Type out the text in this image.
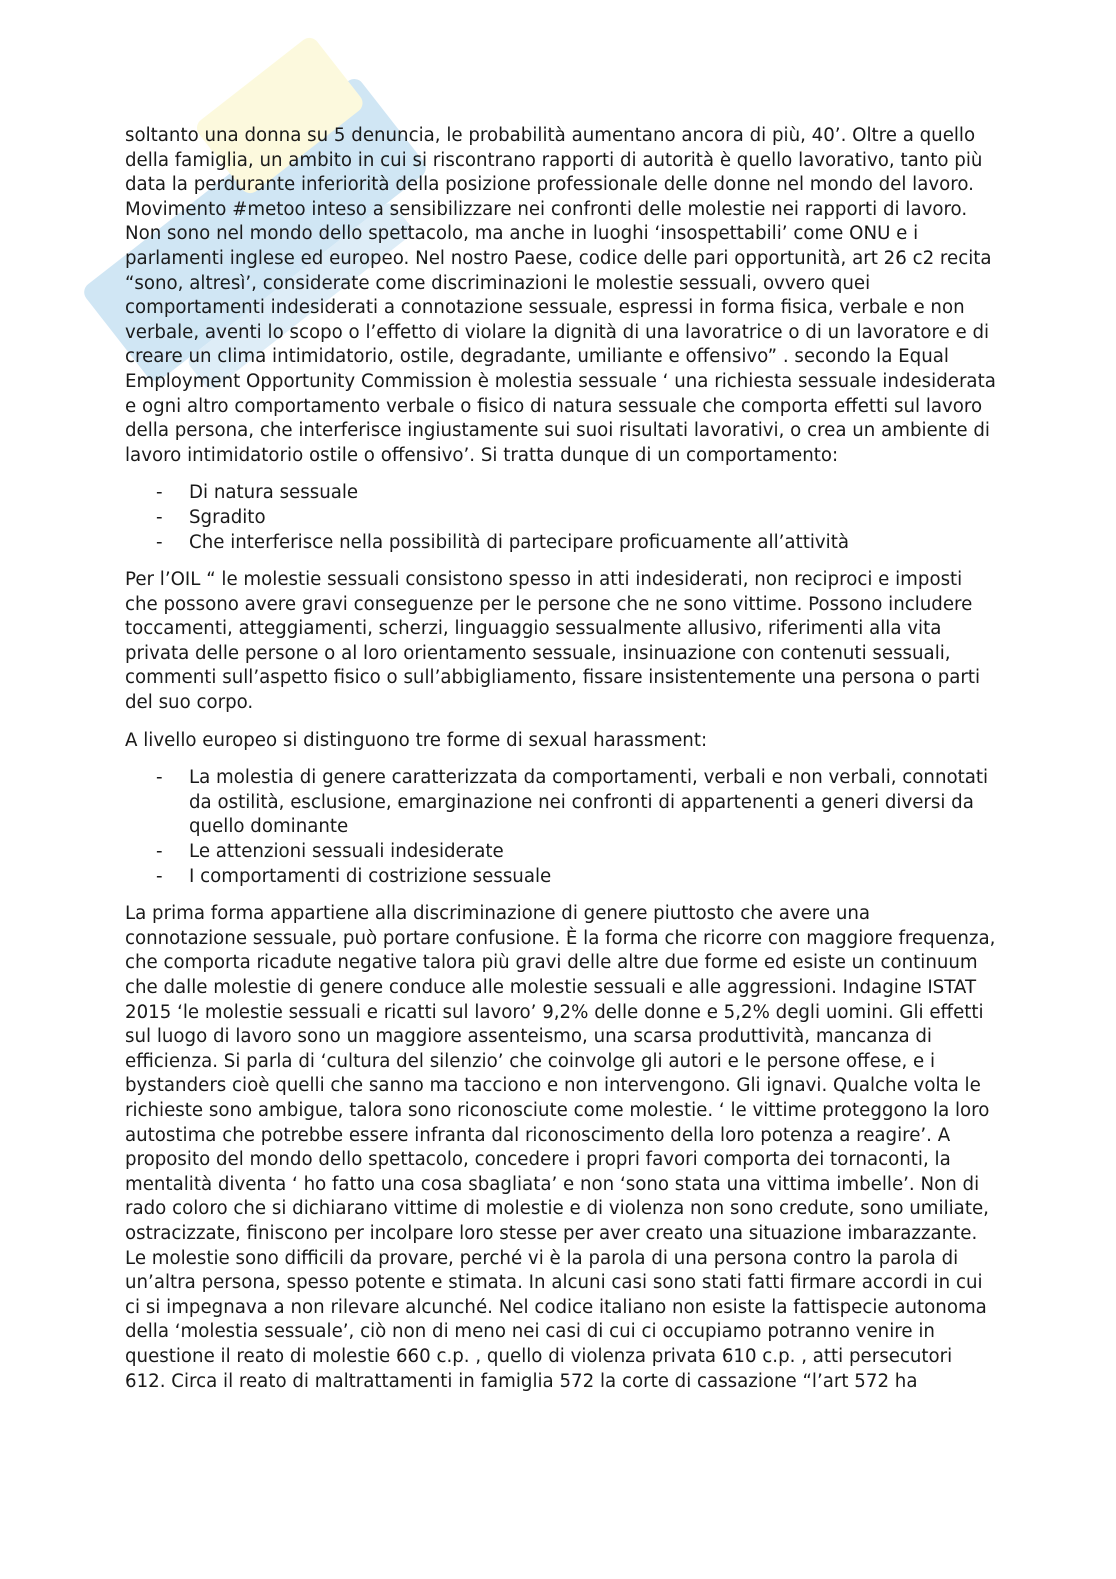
soltanto una donna su 5 denuncia, le probabilità aumentano ancora di più, 40’. Oltre a quello della famiglia, un ambito in cui si riscontrano rapporti di autorità è quello lavorativo, tanto più data la perdurante inferiorità della posizione professionale delle donne nel mondo del lavoro. Movimento #metoo inteso a sensibilizzare nei confronti delle molestie nei rapporti di lavoro. Non sono nel mondo dello spettacolo, ma anche in luoghi ‘insospettabili’ come ONU e i parlamenti inglese ed europeo. Nel nostro Paese, codice delle pari opportunità, art 26 c2 recita “sono, altresì’, considerate come discriminazioni le molestie sessuali, ovvero quei comportamenti indesiderati a connotazione sessuale, espressi in forma fisica, verbale e non verbale, aventi lo scopo o l’effetto di violare la dignità di una lavoratrice o di un lavoratore e di creare un clima intimidatorio, ostile, degradante, umiliante e offensivo” . secondo la Equal Employment Opportunity Commission è molestia sessuale ‘ una richiesta sessuale indesiderata e ogni altro comportamento verbale o fisico di natura sessuale che comporta effetti sul lavoro della persona, che interferisce ingiustamente sui suoi risultati lavorativi, o crea un ambiente di lavoro intimidatorio ostile o offensivo’. Si tratta dunque di un comportamento:

- Di natura sessuale
- Sgradito
- Che interferisce nella possibilità di partecipare proficuamente all’attività

Per l’OIL “ le molestie sessuali consistono spesso in atti indesiderati, non reciproci e imposti che possono avere gravi conseguenze per le persone che ne sono vittime. Possono includere toccamenti, atteggiamenti, scherzi, linguaggio sessualmente allusivo, riferimenti alla vita privata delle persone o al loro orientamento sessuale, insinuazione con contenuti sessuali, commenti sull’aspetto fisico o sull’abbigliamento, fissare insistentemente una persona o parti del suo corpo.

A livello europeo si distinguono tre forme di sexual harassment:

- La molestia di genere caratterizzata da comportamenti, verbali e non verbali, connotati da ostilità, esclusione, emarginazione nei confronti di appartenenti a generi diversi da quello dominante
- Le attenzioni sessuali indesiderate
- I comportamenti di costrizione sessuale

La prima forma appartiene alla discriminazione di genere piuttosto che avere una connotazione sessuale, può portare confusione. È la forma che ricorre con maggiore frequenza, che comporta ricadute negative talora più gravi delle altre due forme ed esiste un continuum che dalle molestie di genere conduce alle molestie sessuali e alle aggressioni. Indagine ISTAT 2015 ‘le molestie sessuali e ricatti sul lavoro’ 9,2% delle donne e 5,2% degli uomini. Gli effetti sul luogo di lavoro sono un maggiore assenteismo, una scarsa produttività, mancanza di efficienza. Si parla di ‘cultura del silenzio’ che coinvolge gli autori e le persone offese, e i bystanders cioè quelli che sanno ma tacciono e non intervengono. Gli ignavi. Qualche volta le richieste sono ambigue, talora sono riconosciute come molestie. ‘ le vittime proteggono la loro autostima che potrebbe essere infranta dal riconoscimento della loro potenza a reagire’. A proposito del mondo dello spettacolo, concedere i propri favori comporta dei tornaconti, la mentalità diventa ‘ ho fatto una cosa sbagliata’ e non ‘sono stata una vittima imbelle’. Non di rado coloro che si dichiarano vittime di molestie e di violenza non sono credute, sono umiliate, ostracizzate, finiscono per incolpare loro stesse per aver creato una situazione imbarazzante. Le molestie sono difficili da provare, perché vi è la parola di una persona contro la parola di un’altra persona, spesso potente e stimata. In alcuni casi sono stati fatti firmare accordi in cui ci si impegnava a non rilevare alcunché. Nel codice italiano non esiste la fattispecie autonoma della ‘molestia sessuale’, ciò non di meno nei casi di cui ci occupiamo potranno venire in questione il reato di molestie 660 c.p. , quello di violenza privata 610 c.p. , atti persecutori 612. Circa il reato di maltrattamenti in famiglia 572 la corte di cassazione “l’art 572 ha
